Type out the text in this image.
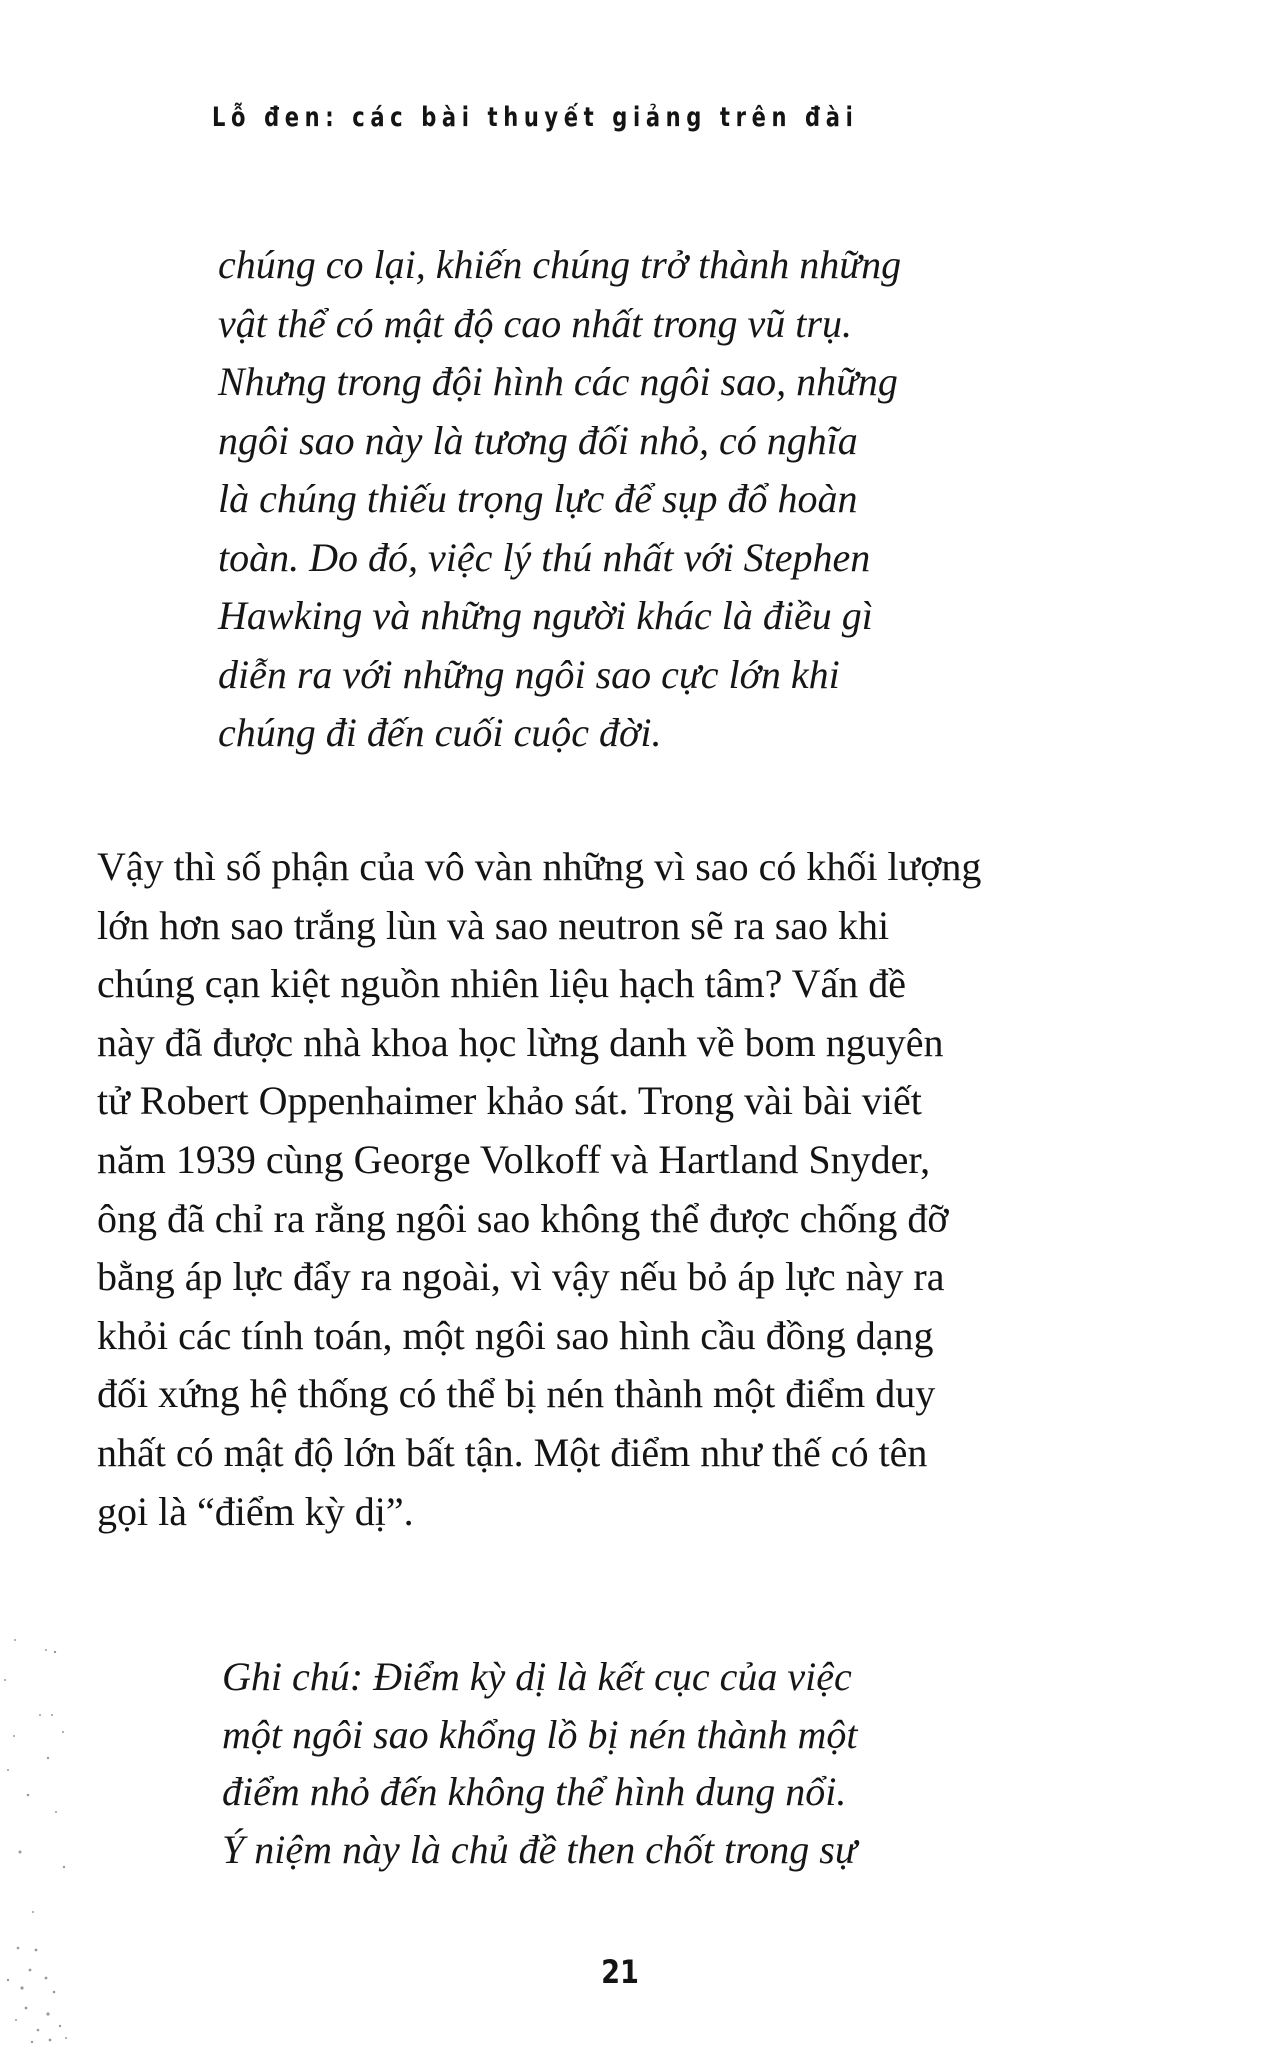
Lỗ đen: các bài thuyết giảng trên đài
chúng co lại, khiến chúng trở thành những
vật thể có mật độ cao nhất trong vũ trụ.
Nhưng trong đội hình các ngôi sao, những
ngôi sao này là tương đối nhỏ, có nghĩa
là chúng thiếu trọng lực để sụp đổ hoàn
toàn. Do đó, việc lý thú nhất với Stephen
Hawking và những người khác là điều gì
diễn ra với những ngôi sao cực lớn khi
chúng đi đến cuối cuộc đời.
Vậy thì số phận của vô vàn những vì sao có khối lượng
lớn hơn sao trắng lùn và sao neutron sẽ ra sao khi
chúng cạn kiệt nguồn nhiên liệu hạch tâm? Vấn đề
này đã được nhà khoa học lừng danh về bom nguyên
tử Robert Oppenhaimer khảo sát. Trong vài bài viết
năm 1939 cùng George Volkoff và Hartland Snyder,
ông đã chỉ ra rằng ngôi sao không thể được chống đỡ
bằng áp lực đẩy ra ngoài, vì vậy nếu bỏ áp lực này ra
khỏi các tính toán, một ngôi sao hình cầu đồng dạng
đối xứng hệ thống có thể bị nén thành một điểm duy
nhất có mật độ lớn bất tận. Một điểm như thế có tên
gọi là “điểm kỳ dị”.
Ghi chú: Điểm kỳ dị là kết cục của việc
một ngôi sao khổng lồ bị nén thành một
điểm nhỏ đến không thể hình dung nổi.
Ý niệm này là chủ đề then chốt trong sự
21
